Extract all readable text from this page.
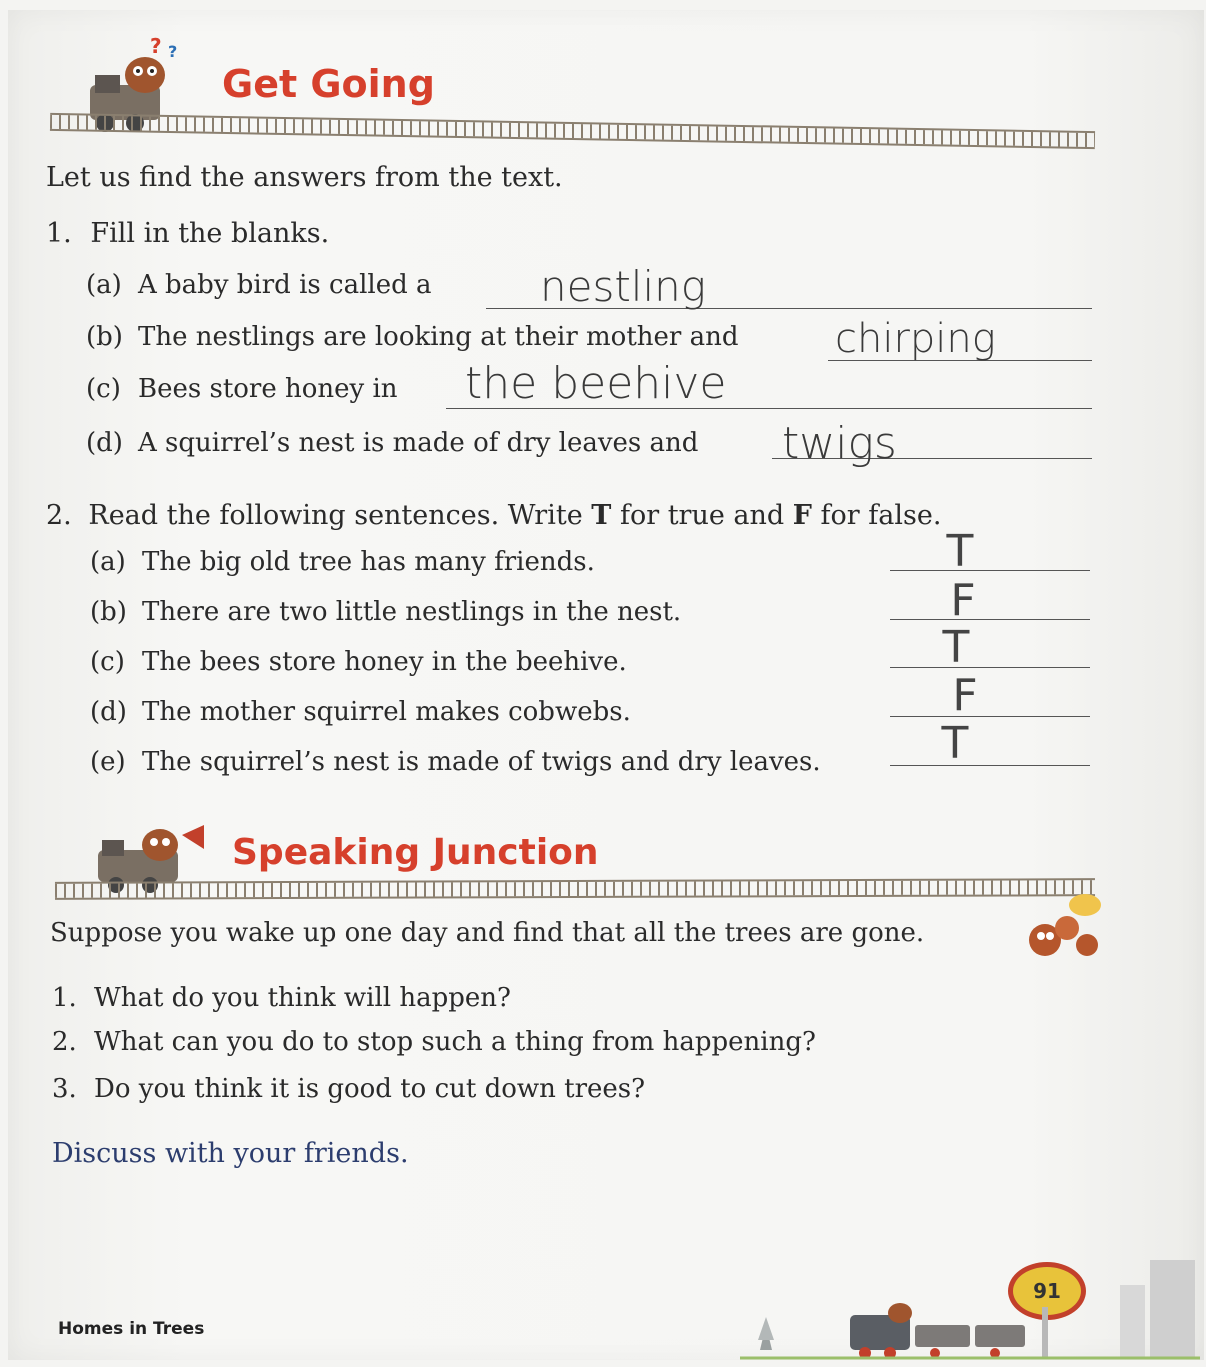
? ?
Get Going
Let us find the answers from the text.
1. Fill in the blanks.
(a) A baby bird is called a	nestling
(b) The nestlings are looking at their mother and chirping
(c) Bees store honey in the beehive
(d) A squirrel’s nest is made of dry leaves and twigs
2. Read the following sentences. Write T for true and F for false.
(a) The big old tree has many friends.	T
(b) There are two little nestlings in the nest.	F
(c) The bees store honey in the beehive.	T
(d) The mother squirrel makes cobwebs.	F
(e) The squirrel’s nest is made of twigs and dry leaves.	T
Speaking Junction
Suppose you wake up one day and find that all the trees are gone.
1. What do you think will happen?
2. What can you do to stop such a thing from happening?
3. Do you think it is good to cut down trees?
Discuss with your friends.
Homes in Trees
91
